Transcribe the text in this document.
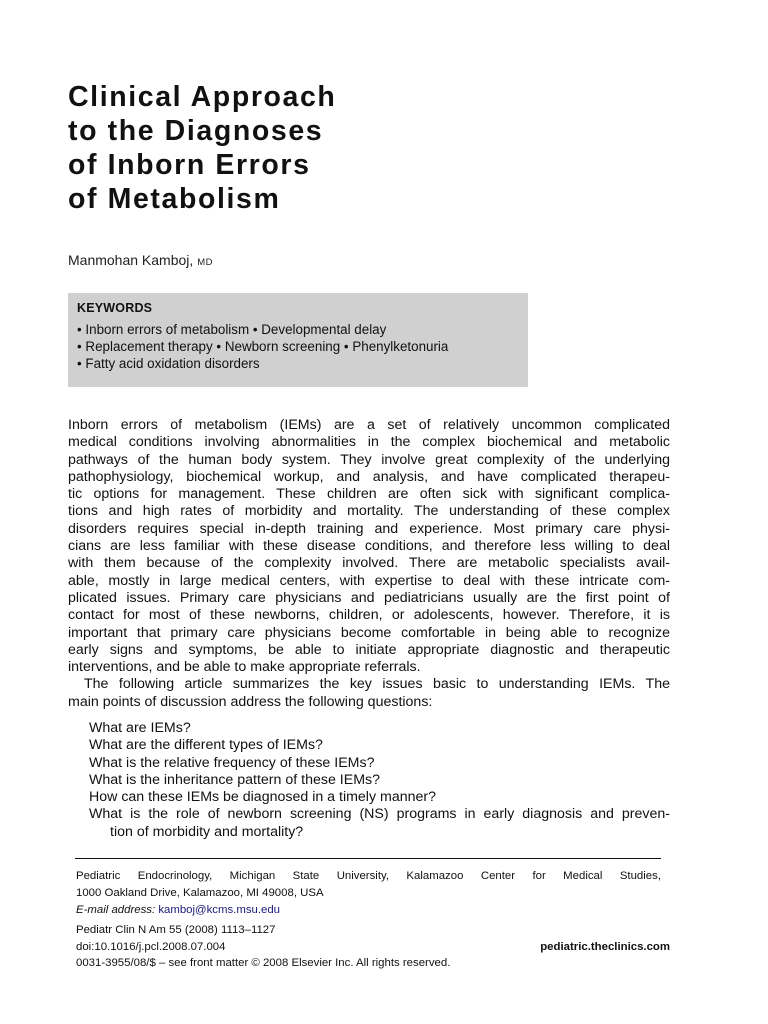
Clinical Approach
to the Diagnoses
of Inborn Errors
of Metabolism
Manmohan Kamboj, MD
KEYWORDS
• Inborn errors of metabolism • Developmental delay
• Replacement therapy • Newborn screening • Phenylketonuria
• Fatty acid oxidation disorders
Inborn errors of metabolism (IEMs) are a set of relatively uncommon complicated
medical conditions involving abnormalities in the complex biochemical and metabolic
pathways of the human body system. They involve great complexity of the underlying
pathophysiology, biochemical workup, and analysis, and have complicated therapeu-
tic options for management. These children are often sick with significant complica-
tions and high rates of morbidity and mortality. The understanding of these complex
disorders requires special in-depth training and experience. Most primary care physi-
cians are less familiar with these disease conditions, and therefore less willing to deal
with them because of the complexity involved. There are metabolic specialists avail-
able, mostly in large medical centers, with expertise to deal with these intricate com-
plicated issues. Primary care physicians and pediatricians usually are the first point of
contact for most of these newborns, children, or adolescents, however. Therefore, it is
important that primary care physicians become comfortable in being able to recognize
early signs and symptoms, be able to initiate appropriate diagnostic and therapeutic
interventions, and be able to make appropriate referrals.
The following article summarizes the key issues basic to understanding IEMs. The
main points of discussion address the following questions:
What are IEMs?
What are the different types of IEMs?
What is the relative frequency of these IEMs?
What is the inheritance pattern of these IEMs?
How can these IEMs be diagnosed in a timely manner?
What is the role of newborn screening (NS) programs in early diagnosis and preven-
tion of morbidity and mortality?
Pediatric Endocrinology, Michigan State University, Kalamazoo Center for Medical Studies,
1000 Oakland Drive, Kalamazoo, MI 49008, USA
E-mail address: kamboj@kcms.msu.edu
Pediatr Clin N Am 55 (2008) 1113–1127
doi:10.1016/j.pcl.2008.07.004	pediatric.theclinics.com
0031-3955/08/$ – see front matter © 2008 Elsevier Inc. All rights reserved.
